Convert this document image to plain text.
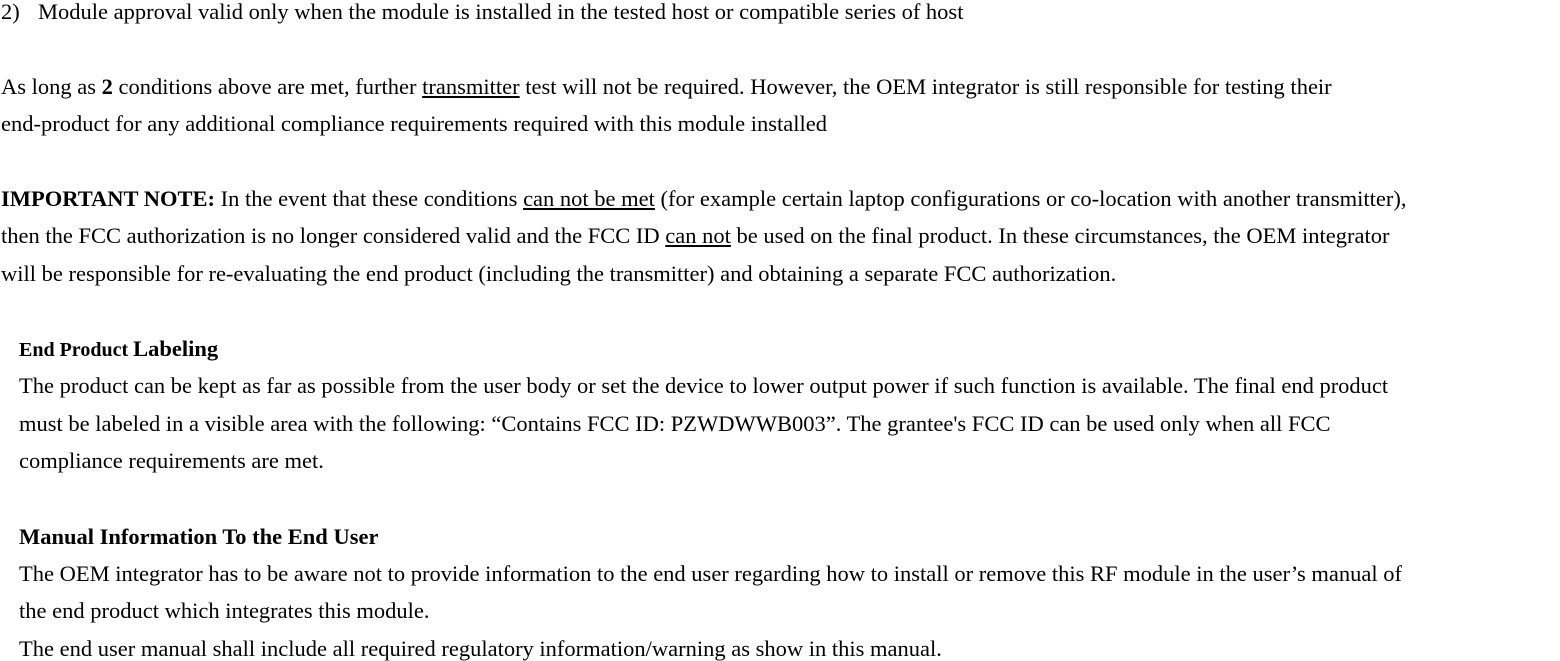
2) Module approval valid only when the module is installed in the tested host or compatible series of host
As long as 2 conditions above are met, further transmitter test will not be required. However, the OEM integrator is still responsible for testing their
end-product for any additional compliance requirements required with this module installed
IMPORTANT NOTE: In the event that these conditions can not be met (for example certain laptop configurations or co-location with another transmitter),
then the FCC authorization is no longer considered valid and the FCC ID can not be used on the final product. In these circumstances, the OEM integrator
will be responsible for re-evaluating the end product (including the transmitter) and obtaining a separate FCC authorization.
End Product Labeling
The product can be kept as far as possible from the user body or set the device to lower output power if such function is available. The final end product
must be labeled in a visible area with the following: “Contains FCC ID: PZWDWWB003”. The grantee's FCC ID can be used only when all FCC
compliance requirements are met.
Manual Information To the End User
The OEM integrator has to be aware not to provide information to the end user regarding how to install or remove this RF module in the user’s manual of
the end product which integrates this module.
The end user manual shall include all required regulatory information/warning as show in this manual.
